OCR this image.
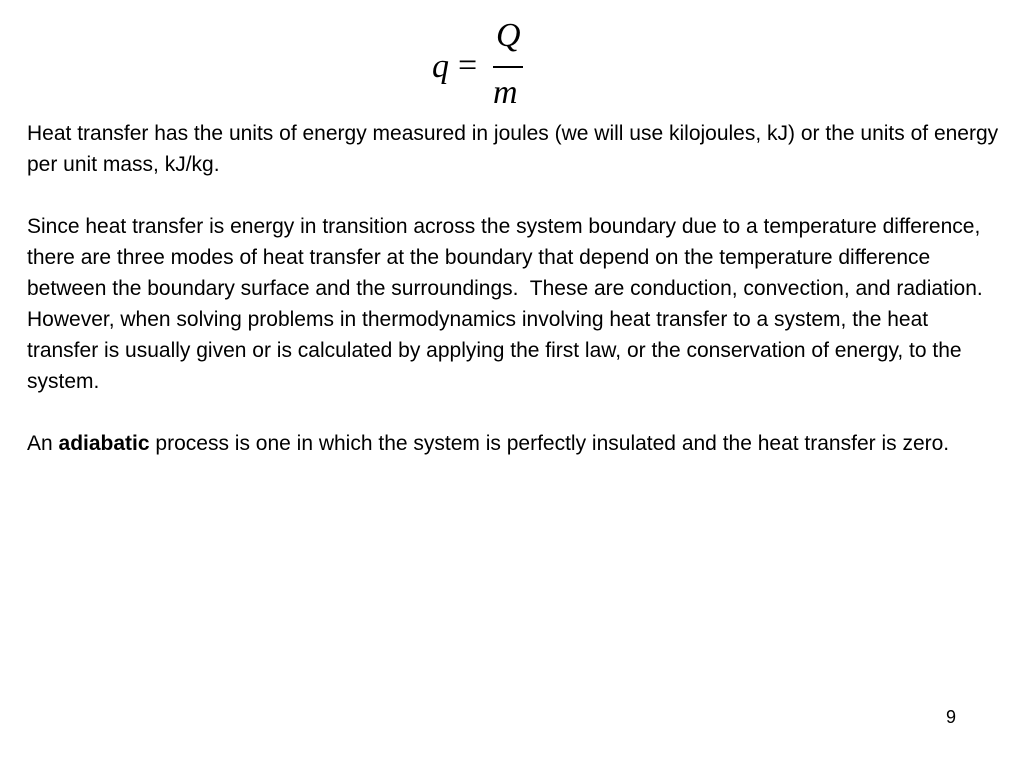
q =
Q
m

Heat transfer has the units of energy measured in joules (we will use kilojoules, kJ) or the units of energy per unit mass, kJ/kg.

Since heat transfer is energy in transition across the system boundary due to a temperature difference, there are three modes of heat transfer at the boundary that depend on the temperature difference between the boundary surface and the surroundings.  These are conduction, convection, and radiation.  However, when solving problems in thermodynamics involving heat transfer to a system, the heat transfer is usually given or is calculated by applying the first law, or the conservation of energy, to the system.

An adiabatic process is one in which the system is perfectly insulated and the heat transfer is zero.

9
